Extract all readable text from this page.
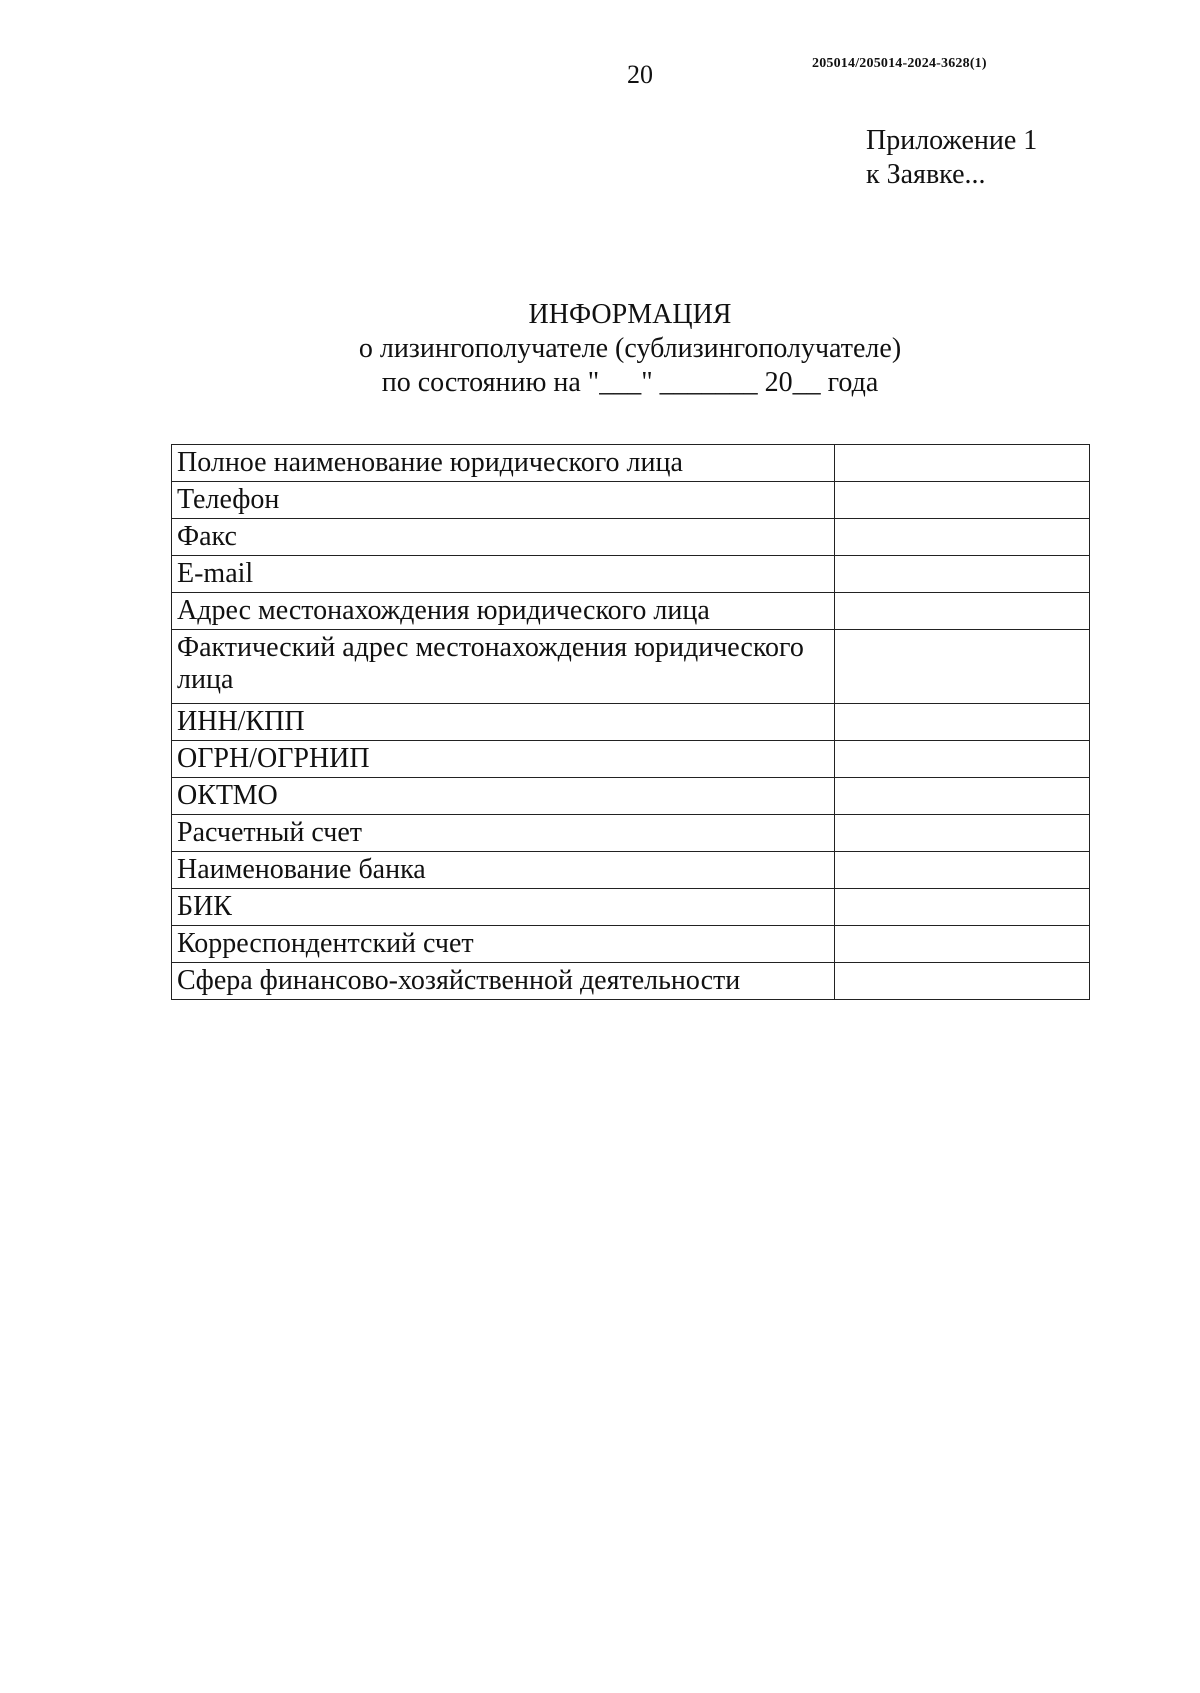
20	205014/205014-2024-3628(1)
Приложение 1
к Заявке...
ИНФОРМАЦИЯ
о лизингополучателе (сублизингополучателе)
по состоянию на "___" _______ 20__ года
Полное наименование юридического лица	
Телефон	
Факс	
E-mail	
Адрес местонахождения юридического лица	
Фактический адрес местонахождения юридического лица	
ИНН/КПП	
ОГРН/ОГРНИП	
ОКТМО	
Расчетный счет	
Наименование банка	
БИК	
Корреспондентский счет	
Сфера финансово-хозяйственной деятельности	
